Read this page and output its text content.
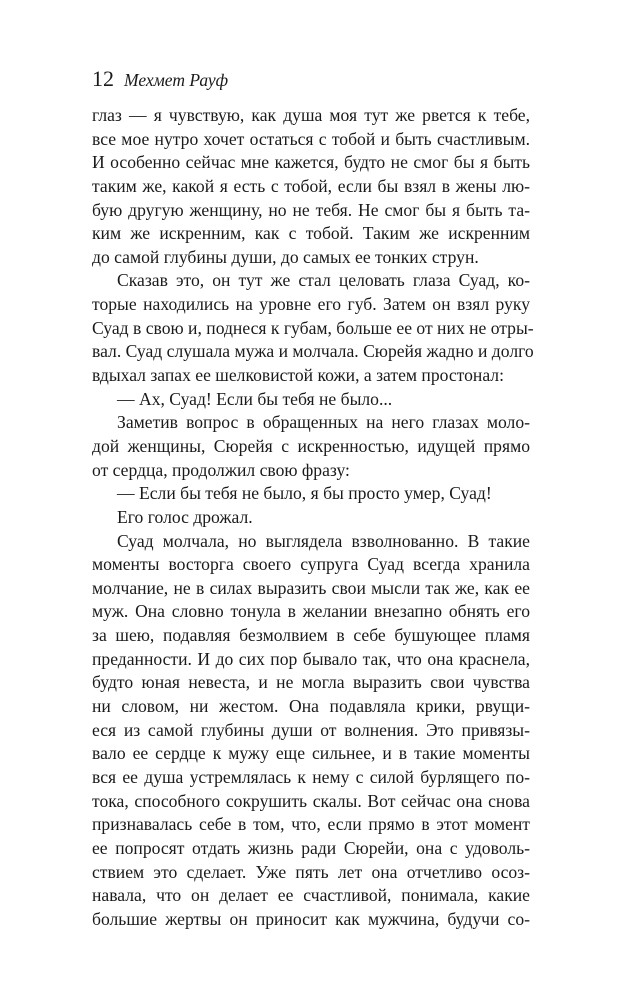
12 Мехмет Рауф
глаз — я чувствую, как душа моя тут же рвется к тебе,
все мое нутро хочет остаться с тобой и быть счастливым.
И особенно сейчас мне кажется, будто не смог бы я быть
таким же, какой я есть с тобой, если бы взял в жены лю-
бую другую женщину, но не тебя. Не смог бы я быть та-
ким же искренним, как с тобой. Таким же искренним
до самой глубины души, до самых ее тонких струн.
Сказав это, он тут же стал целовать глаза Суад, ко-
торые находились на уровне его губ. Затем он взял руку
Суад в свою и, поднеся к губам, больше ее от них не отры-
вал. Суад слушала мужа и молчала. Сюрейя жадно и долго
вдыхал запах ее шелковистой кожи, а затем простонал:
— Ах, Суад! Если бы тебя не было...
Заметив вопрос в обращенных на него глазах моло-
дой женщины, Сюрейя с искренностью, идущей прямо
от сердца, продолжил свою фразу:
— Если бы тебя не было, я бы просто умер, Суад!
Его голос дрожал.
Суад молчала, но выглядела взволнованно. В такие
моменты восторга своего супруга Суад всегда хранила
молчание, не в силах выразить свои мысли так же, как ее
муж. Она словно тонула в желании внезапно обнять его
за шею, подавляя безмолвием в себе бушующее пламя
преданности. И до сих пор бывало так, что она краснела,
будто юная невеста, и не могла выразить свои чувства
ни словом, ни жестом. Она подавляла крики, рвущи-
еся из самой глубины души от волнения. Это привязы-
вало ее сердце к мужу еще сильнее, и в такие моменты
вся ее душа устремлялась к нему с силой бурлящего по-
тока, способного сокрушить скалы. Вот сейчас она снова
признавалась себе в том, что, если прямо в этот момент
ее попросят отдать жизнь ради Сюрейи, она с удоволь-
ствием это сделает. Уже пять лет она отчетливо осоз-
навала, что он делает ее счастливой, понимала, какие
большие жертвы он приносит как мужчина, будучи со-
